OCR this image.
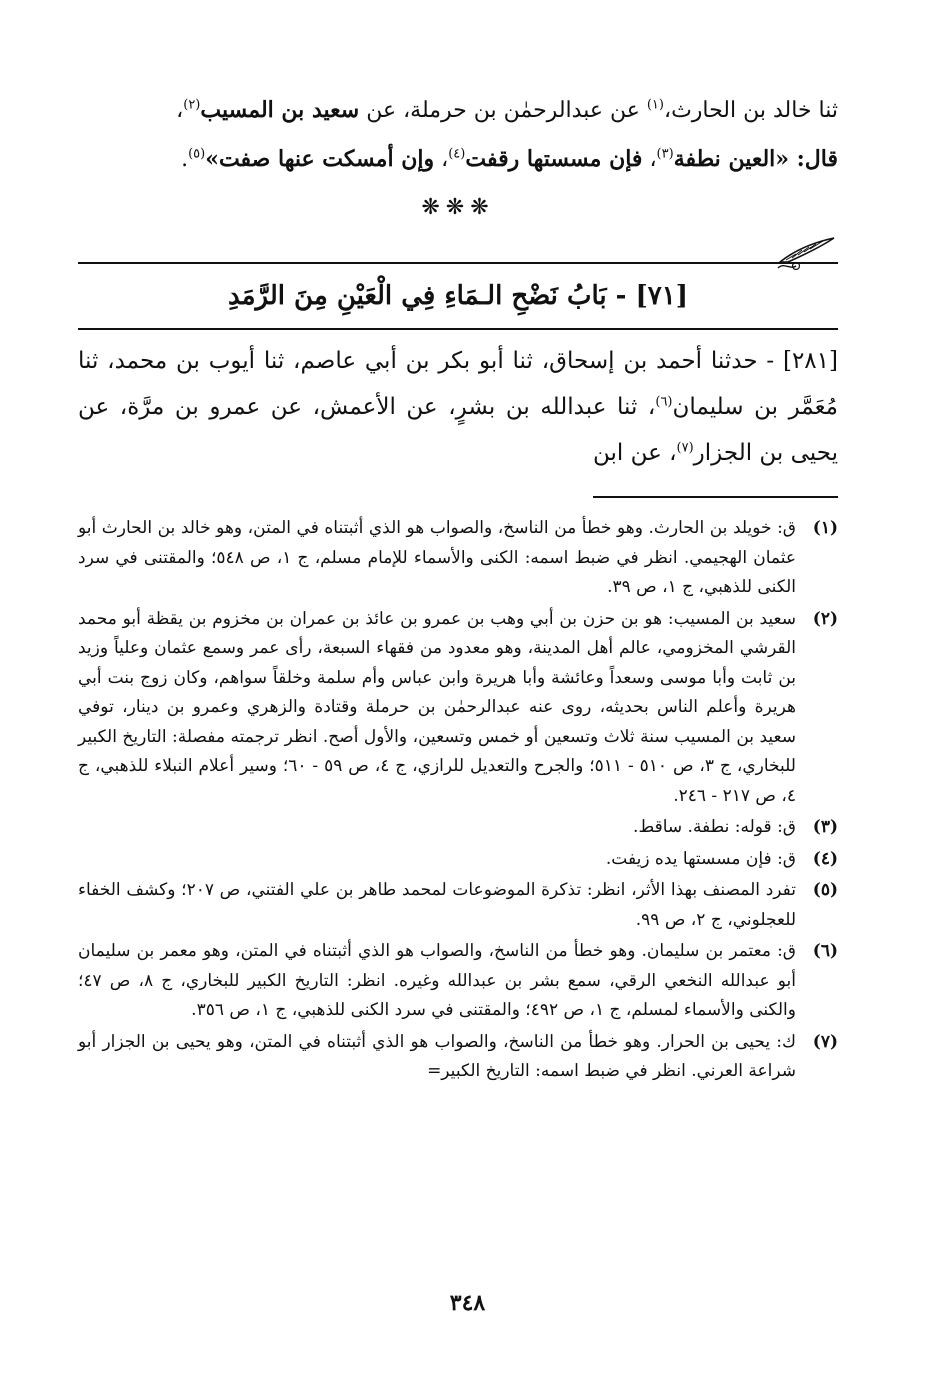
ثنا خالد بن الحارث،$^{(١)}$ عن عبدالرحمٰن بن حرملة، عن سعيد بن المسيب$^{(٢)}$،

قال: «العين نطفة$^{(٣)}$، فإن مسستها رقفت$^{(٤)}$، وإن أمسكت عنها صفت»$^{(٥)}$.

❋❋❋
[٧١] - بَابُ نَضْحِ الـمَاءِ فِي الْعَيْنِ مِنَ الرَّمَدِ

[٢٨١] - حدثنا أحمد بن إسحاق، ثنا أبو بكر بن أبي عاصم، ثنا أيوب بن محمد، ثنا مُعَمَّر بن سليمان$^{(٦)}$، ثنا عبدالله بن بشرٍ، عن الأعمش، عن عمرو بن مرَّة، عن يحيى بن الجزار$^{(٧)}$، عن ابن

(١)
ق: خويلد بن الحارث. وهو خطأ من الناسخ، والصواب هو الذي أثبتناه في المتن، وهو خالد بن الحارث أبو عثمان الهجيمي. انظر في ضبط اسمه: الكنى والأسماء للإمام مسلم، ج ١، ص ٥٤٨؛ والمقتنى في سرد الكنى للذهبي، ج ١، ص ٣٩.
(٢)
سعيد بن المسيب: هو بن حزن بن أبي وهب بن عمرو بن عائذ بن عمران بن مخزوم بن يقظة أبو محمد القرشي المخزومي، عالم أهل المدينة، وهو معدود من فقهاء السبعة، رأى عمر وسمع عثمان وعلياً وزيد بن ثابت وأبا موسى وسعداً وعائشة وأبا هريرة وابن عباس وأم سلمة وخلقاً سواهم، وكان زوج بنت أبي هريرة وأعلم الناس بحديثه، روى عنه عبدالرحمٰن بن حرملة وقتادة والزهري وعمرو بن دينار، توفي سعيد بن المسيب سنة ثلاث وتسعين أو خمس وتسعين، والأول أصح. انظر ترجمته مفصلة: التاريخ الكبير للبخاري، ج ٣، ص ٥١٠ - ٥١١؛ والجرح والتعديل للرازي، ج ٤، ص ٥٩ - ٦٠؛ وسير أعلام النبلاء للذهبي، ج ٤، ص ٢١٧ - ٢٤٦.
(٣)
ق: قوله: نطفة. ساقط.
(٤)
ق: فإن مسستها يده زيفت.
(٥)
تفرد المصنف بهذا الأثر، انظر: تذكرة الموضوعات لمحمد طاهر بن علي الفتني، ص ٢٠٧؛ وكشف الخفاء للعجلوني، ج ٢، ص ٩٩.
(٦)
ق: معتمر بن سليمان. وهو خطأ من الناسخ، والصواب هو الذي أثبتناه في المتن، وهو معمر بن سليمان أبو عبدالله النخعي الرقي، سمع بشر بن عبدالله وغيره. انظر: التاريخ الكبير للبخاري، ج ٨، ص ٤٧؛ والكنى والأسماء لمسلم، ج ١، ص ٤٩٢؛ والمقتنى في سرد الكنى للذهبي، ج ١، ص ٣٥٦.
(٧)
ك: يحيى بن الحرار. وهو خطأ من الناسخ، والصواب هو الذي أثبتناه في المتن، وهو يحيى بن الجزار أبو شراعة العرني. انظر في ضبط اسمه: التاريخ الكبير=
٣٤٨
